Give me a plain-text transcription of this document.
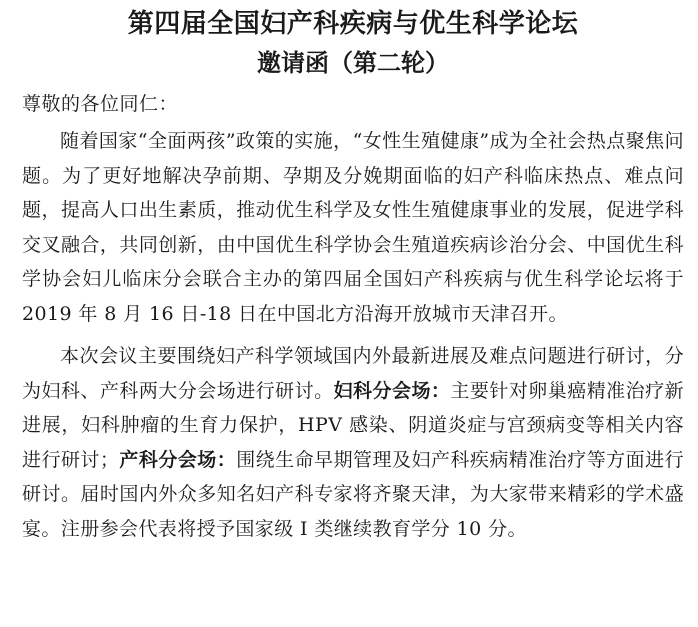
第四届全国妇产科疾病与优生科学论坛
邀请函（第二轮）

尊敬的各位同仁：

随着国家“全面两孩”政策的实施，“女性生殖健康”成为全社会热点聚焦问题。为了更好地解决孕前期、孕期及分娩期面临的妇产科临床热点、难点问题，提高人口出生素质，推动优生科学及女性生殖健康事业的发展，促进学科交叉融合，共同创新，由中国优生科学协会生殖道疾病诊治分会、中国优生科学协会妇儿临床分会联合主办的第四届全国妇产科疾病与优生科学论坛将于 2019 年 8 月 16 日-18 日在中国北方沿海开放城市天津召开。

本次会议主要围绕妇产科学领域国内外最新进展及难点问题进行研讨，分为妇科、产科两大分会场进行研讨。妇科分会场：主要针对卵巢癌精准治疗新进展，妇科肿瘤的生育力保护，HPV 感染、阴道炎症与宫颈病变等相关内容进行研讨；产科分会场：围绕生命早期管理及妇产科疾病精准治疗等方面进行研讨。届时国内外众多知名妇产科专家将齐聚天津，为大家带来精彩的学术盛宴。注册参会代表将授予国家级 I 类继续教育学分 10 分。
